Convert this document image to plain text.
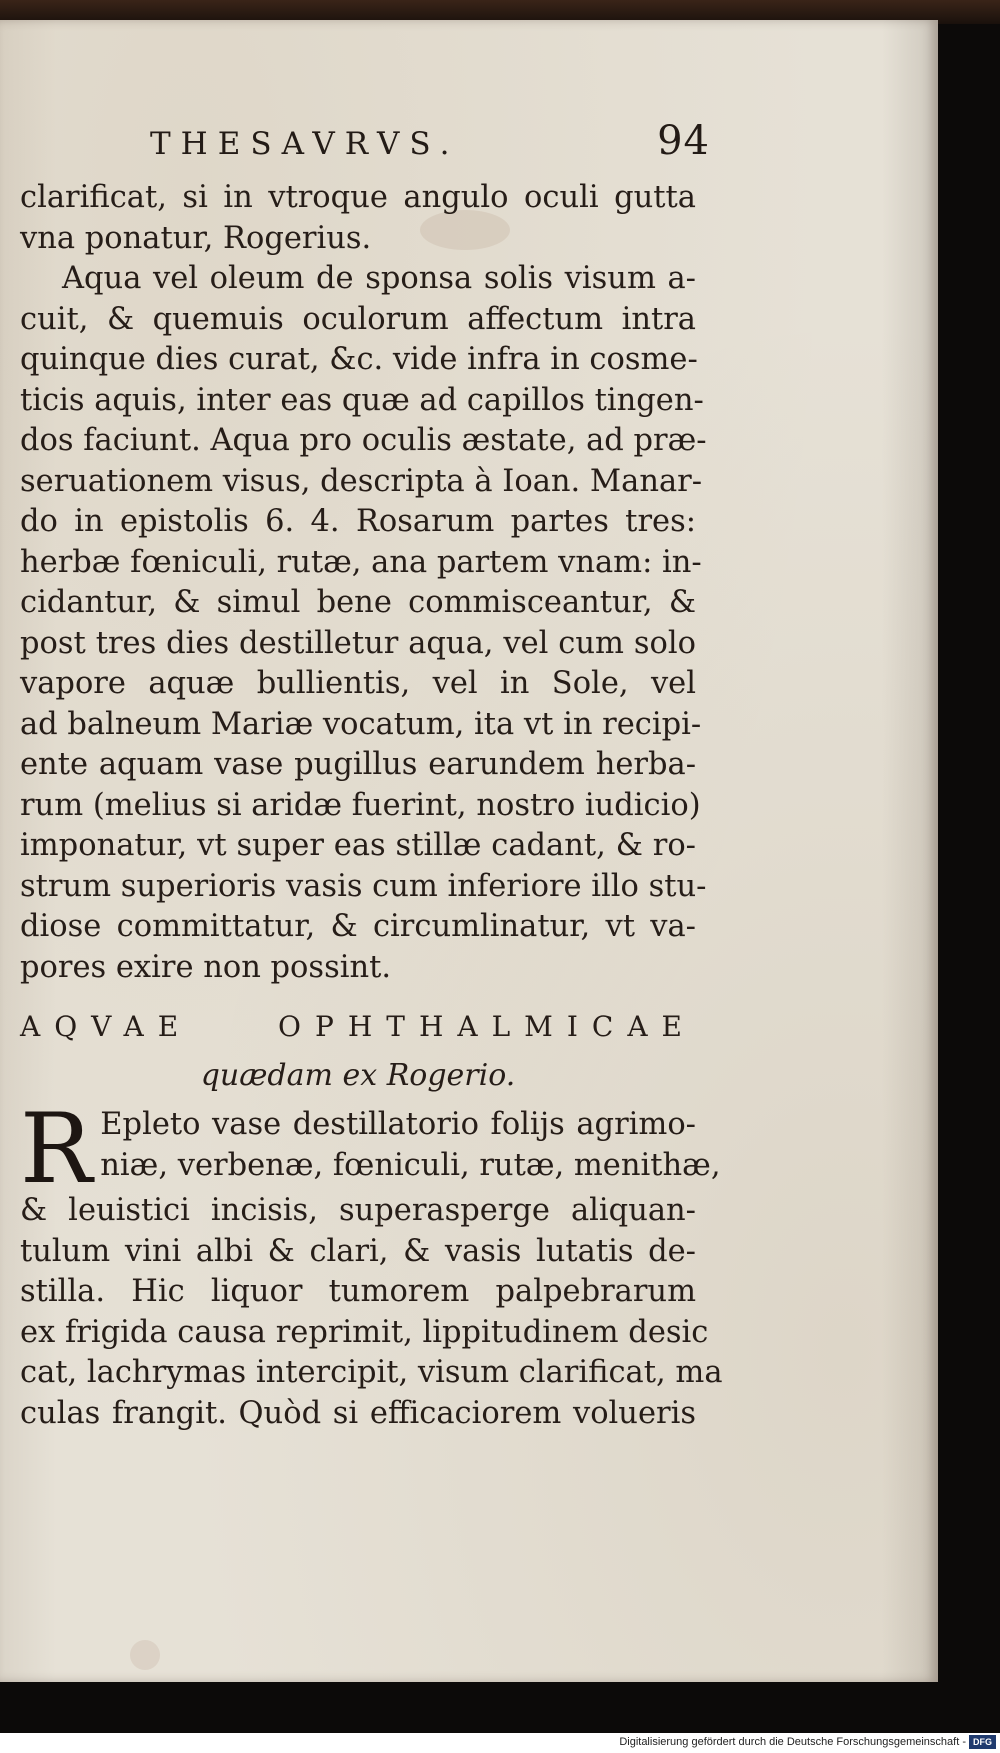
THESAVRVS.	94
clarificat, si in vtroque angulo oculi gutta
vna ponatur, Rogerius.
Aqua vel oleum de sponsa solis visum a-
cuit, & quemuis oculorum affectum intra
quinque dies curat, &c. vide infra in cosme-
ticis aquis, inter eas quæ ad capillos tingen-
dos faciunt. Aqua pro oculis æstate, ad præ-
seruationem visus, descripta à Ioan. Manar-
do in epistolis 6. 4. Rosarum partes tres:
herbæ fœniculi, rutæ, ana partem vnam: in-
cidantur, & simul bene commisceantur, &
post tres dies destilletur aqua, vel cum solo
vapore aquæ bullientis, vel in Sole, vel
ad balneum Mariæ vocatum, ita vt in recipi-
ente aquam vase pugillus earundem herba-
rum (melius si aridæ fuerint, nostro iudicio)
imponatur, vt super eas stillæ cadant, & ro-
strum superioris vasis cum inferiore illo stu-
diose committatur, & circumlinatur, vt va-
pores exire non possint.
AQVAE OPHTHALMICAE
quædam ex Rogerio.
R Epleto vase destillatorio folijs agrimo-
niæ, verbenæ, fœniculi, rutæ, menithæ,
& leuistici incisis, superasperge aliquan-
tulum vini albi & clari, & vasis lutatis de-
stilla. Hic liquor tumorem palpebrarum
ex frigida causa reprimit, lippitudinem desic
cat, lachrymas intercipit, visum clarificat, ma
culas frangit. Quòd si efficaciorem volueris
Digitalisierung gefördert durch die Deutsche Forschungsgemeinschaft - DFG
